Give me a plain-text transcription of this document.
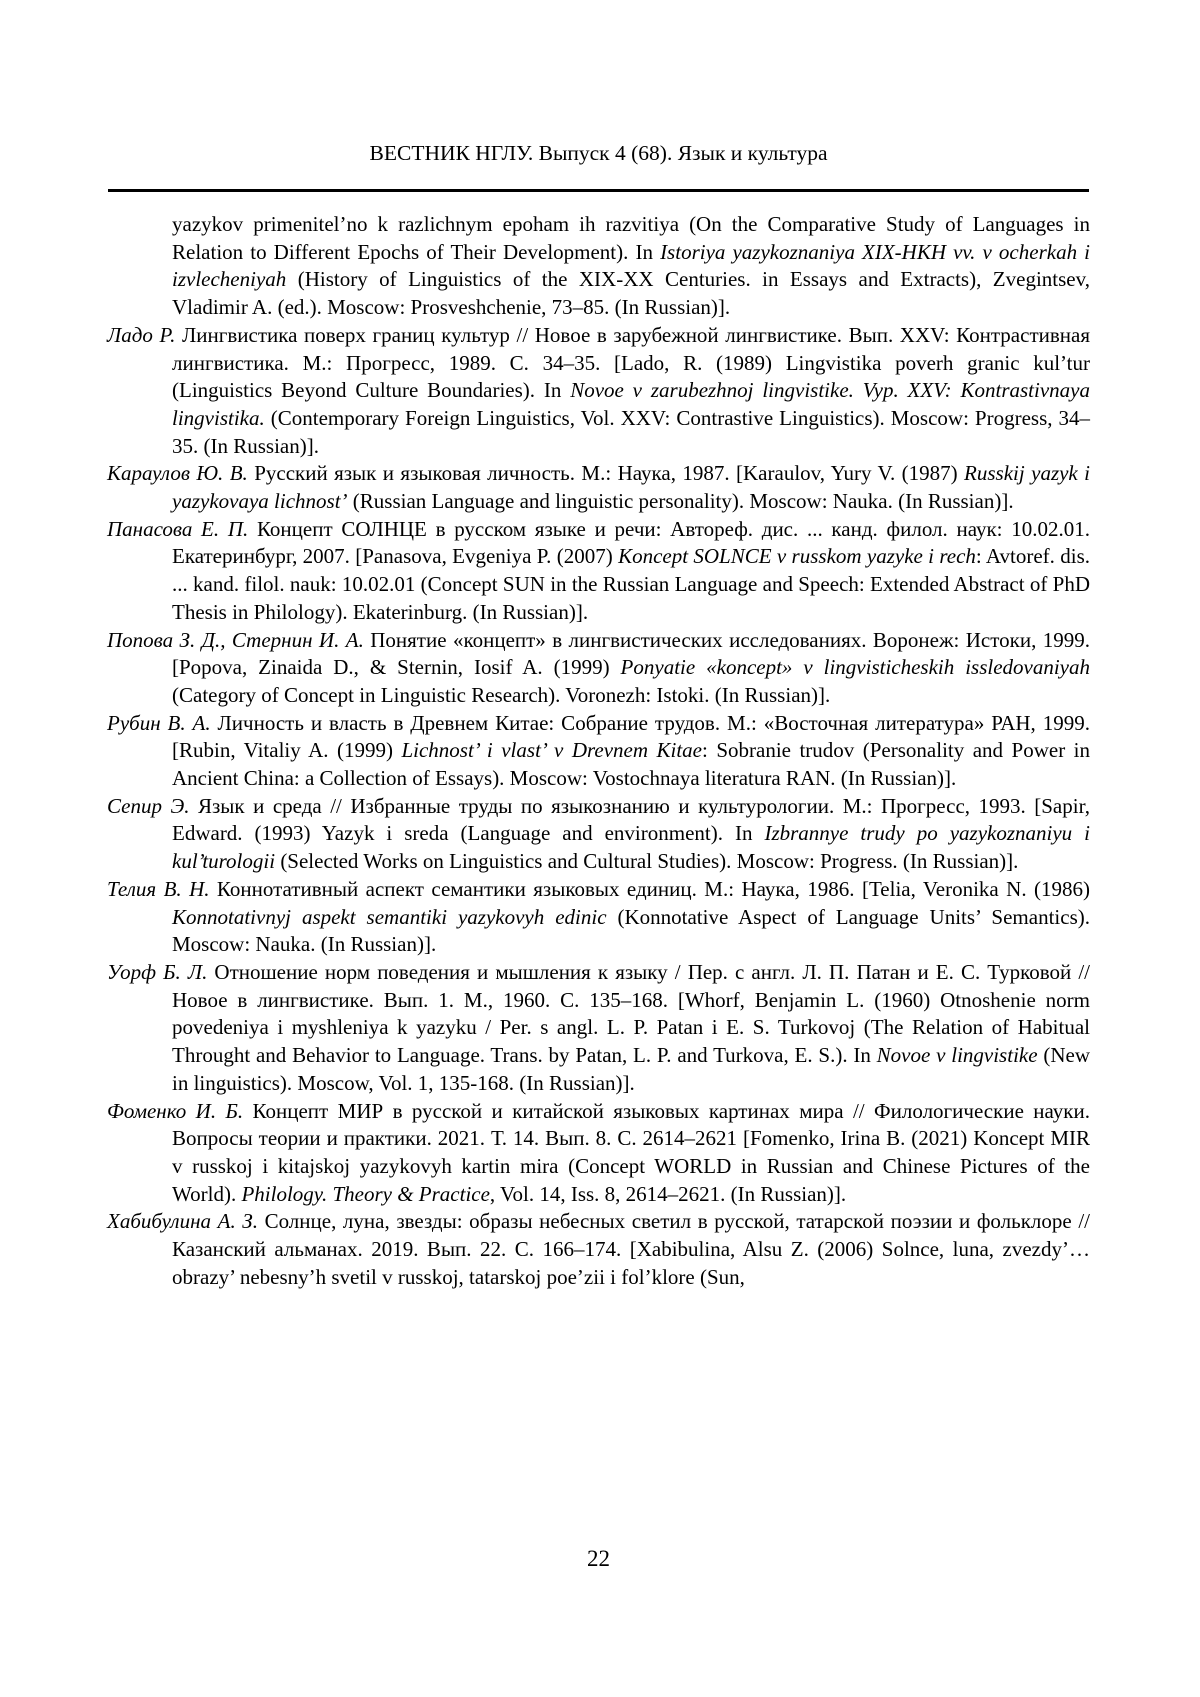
ВЕСТНИК НГЛУ. Выпуск 4 (68). Язык и культура

yazykov primenitel’no k razlichnym epoham ih razvitiya (On the Comparative Study of Languages in Relation to Different Epochs of Their Development). In Istoriya yazykoznaniya XIX-HKH vv. v ocherkah i izvlecheniyah (History of Linguistics of the XIX-XX Centuries. in Essays and Extracts), Zvegintsev, Vladimir A. (ed.). Moscow: Prosveshchenie, 73–85. (In Russian)].

Ладо Р. Лингвистика поверх границ культур // Новое в зарубежной лингвистике. Вып. XXV: Контрастивная лингвистика. М.: Прогресс, 1989. С. 34–35. [Lado, R. (1989) Lingvistika poverh granic kul’tur (Linguistics Beyond Culture Boundaries). In Novoe v zarubezhnoj lingvistike. Vyp. XXV: Kontrastivnaya lingvistika. (Contemporary Foreign Linguistics, Vol. XXV: Contrastive Linguistics). Moscow: Progress, 34–35. (In Russian)].

Караулов Ю. В. Русский язык и языковая личность. М.: Наука, 1987. [Karaulov, Yury V. (1987) Russkij yazyk i yazykovaya lichnost’ (Russian Language and linguistic personality). Moscow: Nauka. (In Russian)].

Панасова Е. П. Концепт СОЛНЦЕ в русском языке и речи: Автореф. дис. ... канд. филол. наук: 10.02.01. Екатеринбург, 2007. [Panasova, Evgeniya P. (2007) Koncept SOLNCE v russkom yazyke i rech: Avtoref. dis. ... kand. filol. nauk: 10.02.01 (Concept SUN in the Russian Language and Speech: Extended Abstract of PhD Thesis in Philology). Ekaterinburg. (In Russian)].

Попова З. Д., Стернин И. А. Понятие «концепт» в лингвистических исследованиях. Воронеж: Истоки, 1999. [Popova, Zinaida D., & Sternin, Iosif A. (1999) Ponyatie «koncept» v lingvisticheskih issledovaniyah (Category of Concept in Linguistic Research). Voronezh: Istoki. (In Russian)].

Рубин В. А. Личность и власть в Древнем Китае: Собрание трудов. М.: «Восточная литература» РАН, 1999. [Rubin, Vitaliy A. (1999) Lichnost’ i vlast’ v Drevnem Kitae: Sobranie trudov (Personality and Power in Ancient China: a Collection of Essays). Moscow: Vostochnaya literatura RAN. (In Russian)].

Сепир Э. Язык и среда // Избранные труды по языкознанию и культурологии. М.: Прогресс, 1993. [Sapir, Edward. (1993) Yazyk i sreda (Language and environment). In Izbrannye trudy po yazykoznaniyu i kul’turologii (Selected Works on Linguistics and Cultural Studies). Moscow: Progress. (In Russian)].

Телия В. Н. Коннотативный аспект семантики языковых единиц. М.: Наука, 1986. [Telia, Veronika N. (1986) Konnotativnyj aspekt semantiki yazykovyh edinic (Konnotative Aspect of Language Units’ Semantics). Moscow: Nauka. (In Russian)].

Уорф Б. Л. Отношение норм поведения и мышления к языку / Пер. с англ. Л. П. Патан и Е. С. Турковой // Новое в лингвистике. Вып. 1. М., 1960. С. 135–168. [Whorf, Benjamin L. (1960) Otnoshenie norm povedeniya i myshleniya k yazyku / Per. s angl. L. P. Patan i E. S. Turkovoj (The Relation of Habitual Throught and Behavior to Language. Trans. by Patan, L. P. and Turkova, E. S.). In Novoe v lingvistike (New in linguistics). Moscow, Vol. 1, 135-168. (In Russian)].

Фоменко И. Б. Концепт МИР в русской и китайской языковых картинах мира // Филологические науки. Вопросы теории и практики. 2021. Т. 14. Вып. 8. С. 2614–2621 [Fomenko, Irina B. (2021) Koncept MIR v russkoj i kitajskoj yazykovyh kartin mira (Concept WORLD in Russian and Chinese Pictures of the World). Philology. Theory & Practice, Vol. 14, Iss. 8, 2614–2621. (In Russian)].

Хабибулина А. З. Солнце, луна, звезды: образы небесных светил в русской, татарской поэзии и фольклоре // Казанский альманах. 2019. Вып. 22. С. 166–174. [Xabibulina, Alsu Z. (2006) Solnce, luna, zvezdy’… obrazy’ nebesny’h svetil v russkoj, tatarskoj poe’zii i fol’klore (Sun,

22
